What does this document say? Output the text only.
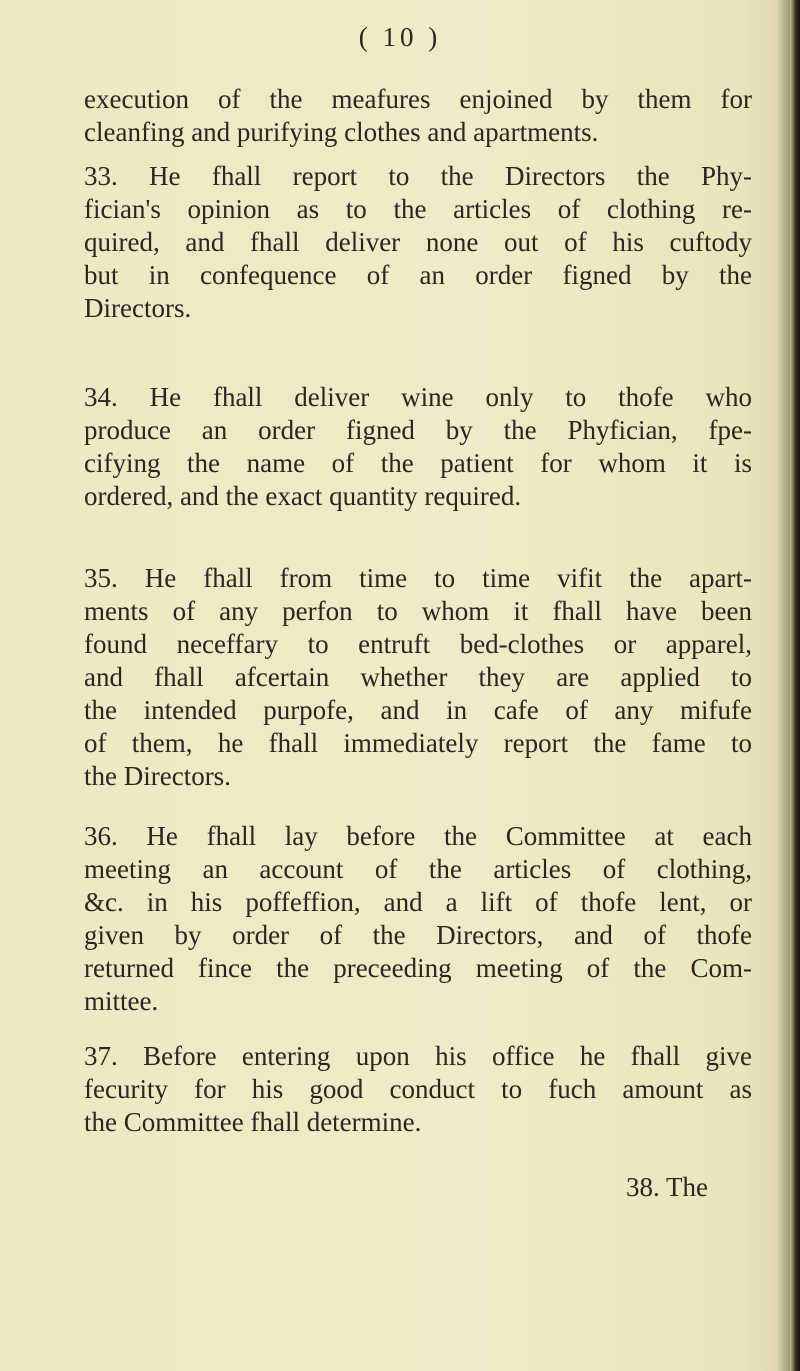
( 10 )
execution of the meafures enjoined by them for
cleanfing and purifying clothes and apartments.
33. He fhall report to the Directors the Phy-
fician's opinion as to the articles of clothing re-
quired, and fhall deliver none out of his cuftody
but in confequence of an order figned by the
Directors.
34. He fhall deliver wine only to thofe who
produce an order figned by the Phyfician, fpe-
cifying the name of the patient for whom it is
ordered, and the exact quantity required.
35. He fhall from time to time vifit the apart-
ments of any perfon to whom it fhall have been
found neceffary to entruft bed-clothes or apparel,
and fhall afcertain whether they are applied to
the intended purpofe, and in cafe of any mifufe
of them, he fhall immediately report the fame to
the Directors.
36. He fhall lay before the Committee at each
meeting an account of the articles of clothing,
&c. in his poffeffion, and a lift of thofe lent, or
given by order of the Directors, and of thofe
returned fince the preceeding meeting of the Com-
mittee.
37. Before entering upon his office he fhall give
fecurity for his good conduct to fuch amount as
the Committee fhall determine.
38. The
